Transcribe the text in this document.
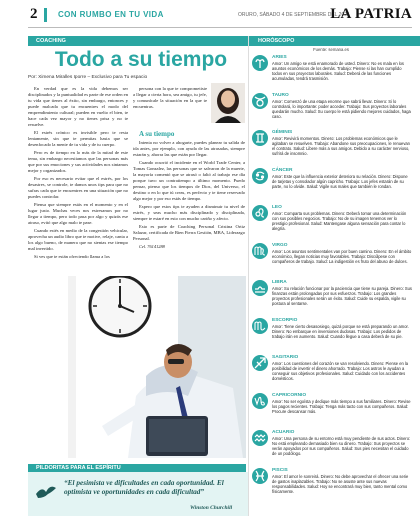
2	CON RUMBO EN TU VIDA	ORURO, SÁBADO 4 DE SEPTIEMBRE DEL 2021
LA PATRIA
COACHING
Todo a su tiempo
Por: Ximena Miralles Iporre – Exclusivo para Tu espacio

En verdad que es la vida debemos ser disciplinados y la puntualidad es parte de ese orden en tu vida que tienes al éxito, sin embargo, entonces y puede malcada que tu encuentres el modo del emprendimiento cultural; pueden en vuelto el bien, te hace cada vez mayor y no tienes prisa y no te resuelve.

El estrés crónico es invisible pero te resta lentamente, sin que te permitas hasta que se desenfocado la mente de tu vida y de tu cuerpo.

Pero es de tiempo en lo más de la mitad de este tema, sin embargo necesitamos que las personas más que por sus emociones y sus actividades nos sintamos mejor y organizados.

Por eso es necesario evitar que el estrés, por los desastres, se controle, te damos unos tips para que no sufras cada que te encuentres en una situación que no puedes controlar.

Piensa que siempre estás en el momento y en el lugar justo. Muchas veces nos estresamos por no llegar a tiempo, pero todo pasa por algo y quizás ese atraso, evitó que algo malo te pase.

Cuando estés en medio de la congestión vehicular, aprovecha un audio libro que te motive, relaje, canta a los algo bueno, de manera que no sientas ese tiempo mal invertido.

Si ves que te están ofreciendo llama a los

persona con la que te comprometiste a llegar a cierta hora, sea amigo, tu jefe, y comunícale la situación en la que te encuentras.

A su tiempo

Intenta no volver a ahogarte, puedes planear tu salida de ida antes, por ejemplo, con ayuda de las atrasadas, siempre estarán y, ahorra las que están por llegar.

Cuando ocurrió el incidente en el World Trade Center, a Tomas Gonzalez, las personas que se salvaron de la muerte, la mayoría comentó que se atrasó o faltó al trabajo ese día porque tuvo un contratiempo a último momento. Puedo pensar, pienso que los tiempos de Dios, del Universo, el destino o en lo que tú creas, es perfecto y te tiene reservado algo mejor y por eso estás de tiempo.

Espero que estos tips te ayuden a disminuir tu nivel de estrés, y seas mucho más disciplinado y disciplinada, siempre te estaré en esto con mucho cariño y afecto.

Esto es parte de Coaching Personal Cristina Ortiz Salazar, certificada de Bien Fierra Gestión, MBA, Liderazgo Personal.

Cel. 76141288

PILDORITAS PARA EL ESPÍRITU
“El pesimista ve dificultades en cada oportunidad. El optimista ve oportunidades en cada dificultad”
Winston Churchill
HORÓSCOPO
Fuente: semana.es
ARIES
Amor: Un amigo se está enamorado de usted. Dinero: No es mala en los asuntos económicos de los demás. Trabajo: Piense si las han cumplido todos en sus proyectos laborales. Salud: Deberá de las funciones acumuladas, tendrá trasmisión.
TAURO
Amor: Comenzó de una etapa enorme que sabrá llevar. Dinero: Si lo controlará, lo importante: poder acceder. Trabajo: Sus proyectos laborales quedarán mucho. Salud: Su cuerpo le está pidiendo mejores cuidados, haga caso.
GÉMINIS
Amor: Revivirá momentos. Dinero: Los problemas económicos que le agitaban se resuelven. Trabajo: Abandone sus preocupaciones, le renuevan el contrato. Salud: Libere más a sus amigos. Debido a su carácter nervioso, sufrirá de insomnio.
CÁNCER
Amor: Este que la influencia exterior deteriora su relación. Dinero: Dispone de tarjetas y consolador algún capricho. Trabajo: Los jefes estarán de su parte, no lo olvide. Salud: Vigile sus males que también le rondan.
LEO
Amor: Comparta sus problemas. Dinero: Deberá tomar una determinación con sus posibles negocios. Trabajo: No de su imagen tenemos ver lo prestigio profesional. Salud: Mantengase alguna sensación para contar lo alegría.
VIRGO
Amor: Los asuntos sentimentales van por buen camino. Dinero: En el ámbito económico, llegan noticias muy favorables. Trabajo: Discúlpese con compañeros de trabajo. Salud: La indigestión es fruto del abuso de dulces.
LIBRA
Amor: Su relación funcionar por la paciencia que tiene su pareja. Dinero: Sus finanzas están prolongadas por sus esfuerzos. Trabajo: Los grandes proyectos profesionales serán un éxito. Salud: Cuide su espalda, vigile su postura al sentarse.
ESCORPIO
Amor: Tiene cierto desasosiego, quizá porque se está preparando un amor. Dinero: No embarque en inversiones dudosas. Trabajo: Los pedidos de trabajo irán en aumento. Salud: Cuando llegue a casa deberá de su pie.
SAGITARIO
Amor: Los cuestiones del corazón se van resolviendo. Dinero: Piense en la posibilidad de invertir el dinero ahorrado. Trabajo: Los astros le ayudan a conseguir sus objetivos profesionales. Salud: Cuidado con los accidentes domésticos.
CAPRICORNIO
Amor: No ser egoísta y dedique más tiempo a sus familiares. Dinero: Revise los pagos recientes. Trabajo: Tenga más tacto con sus compañeros. Salud: Procure descansar más.
ACUARIO
Amor: Una persona de su entorno está muy pendiente de sus actos. Dinero: No está empleando demasiado bien su dinero. Trabajo: Sus proyectos se verán apoyados por sus compañeros. Salud: Sus pies necesitan el cuidado de un podólogo.
PISCIS
Amor: El amor le sonreirá. Dinero: No debe aprovechar el ofrecer una serie de gastos inaplazables. Trabajo: No se asuste ante sus nuevas responsabilidades. Salud: Hoy se encontrará muy bien, tanto mental como físicamente.
